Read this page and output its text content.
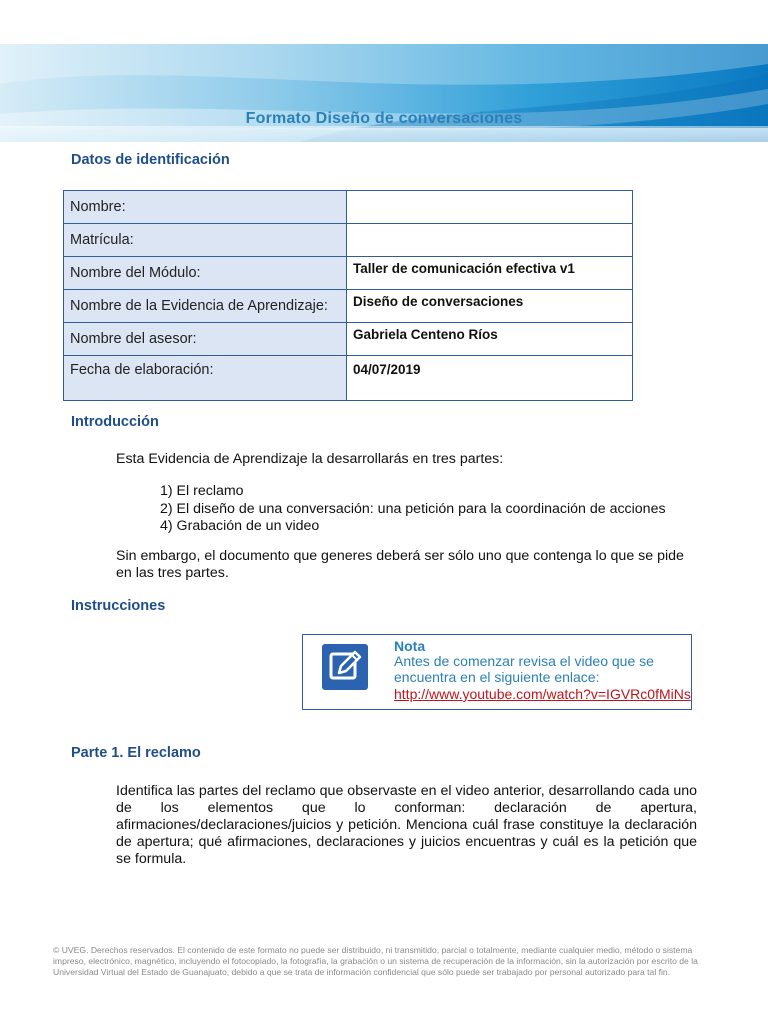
Formato Diseño de conversaciones
Datos de identificación
Nombre:	
Matrícula:	
Nombre del Módulo:	Taller de comunicación efectiva v1
Nombre de la Evidencia de Aprendizaje:	Diseño de conversaciones
Nombre del asesor:	Gabriela Centeno Ríos
Fecha de elaboración:	04/07/2019
Introducción

Esta Evidencia de Aprendizaje la desarrollarás en tres partes:

1) El reclamo
2) El diseño de una conversación: una petición para la coordinación de acciones
4) Grabación de un video

Sin embargo, el documento que generes deberá ser sólo uno que contenga lo que se pide en las tres partes.

Instrucciones
Nota
Antes de comenzar revisa el video que se encuentra en el siguiente enlace:
http://www.youtube.com/watch?v=IGVRc0fMiNs
Parte 1. El reclamo

Identifica las partes del reclamo que observaste en el video anterior, desarrollando cada uno de los elementos que lo conforman: declaración de apertura, afirmaciones/declaraciones/juicios y petición. Menciona cuál frase constituye la declaración de apertura; qué afirmaciones, declaraciones y juicios encuentras y cuál es la petición que se formula.

© UVEG. Derechos reservados. El contenido de este formato no puede ser distribuido, ni transmitido, parcial o totalmente, mediante cualquier medio, método o sistema impreso, electrónico, magnético, incluyendo el fotocopiado, la fotografía, la grabación o un sistema de recuperación de la información, sin la autorización por escrito de la Universidad Virtual del Estado de Guanajuato, debido a que se trata de información confidencial que sólo puede ser trabajado por personal autorizado para tal fin.
